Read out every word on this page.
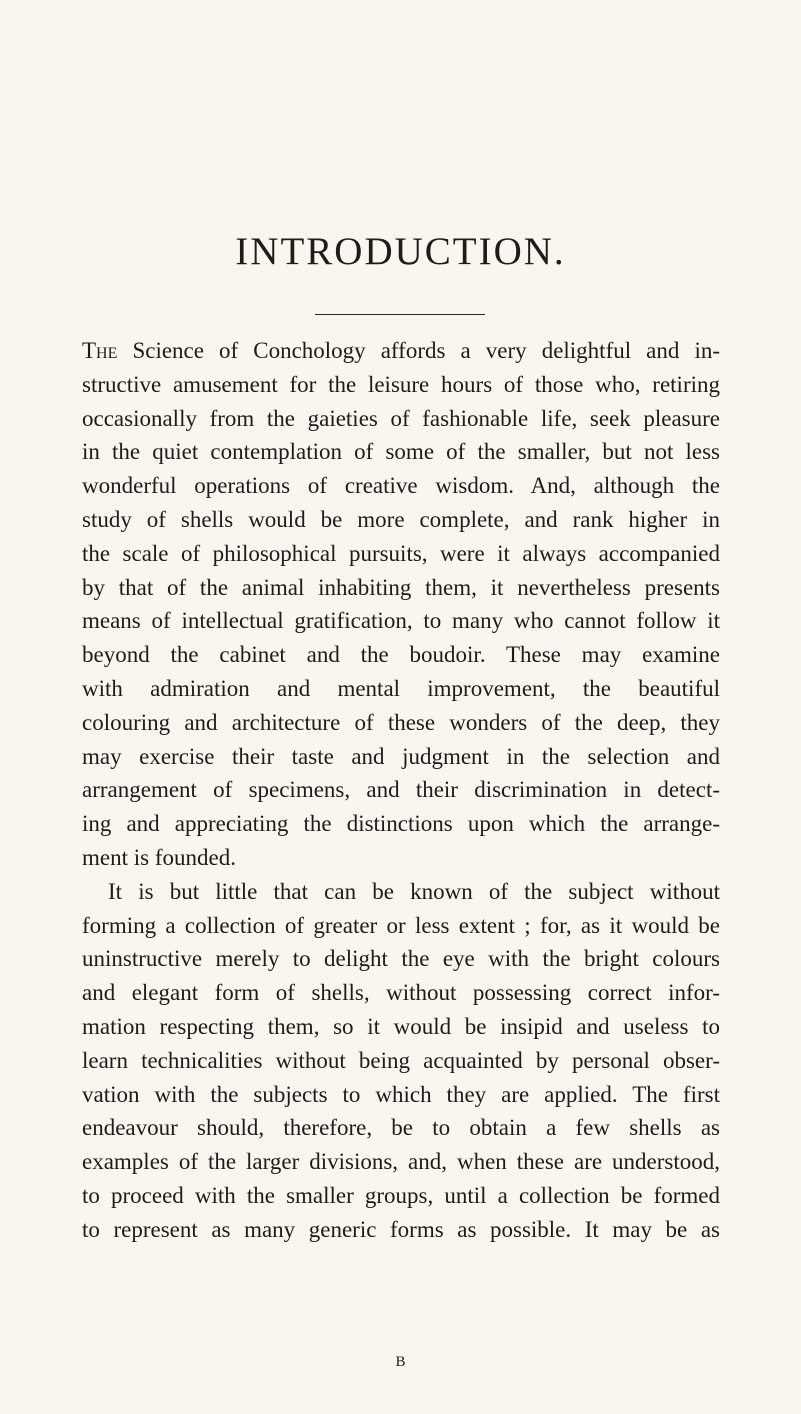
INTRODUCTION.
The Science of Conchology affords a very delightful and in-
structive amusement for the leisure hours of those who, retiring
occasionally from the gaieties of fashionable life, seek pleasure
in the quiet contemplation of some of the smaller, but not less
wonderful operations of creative wisdom. And, although the
study of shells would be more complete, and rank higher in
the scale of philosophical pursuits, were it always accompanied
by that of the animal inhabiting them, it nevertheless presents
means of intellectual gratification, to many who cannot follow it
beyond the cabinet and the boudoir. These may examine
with admiration and mental improvement, the beautiful
colouring and architecture of these wonders of the deep, they
may exercise their taste and judgment in the selection and
arrangement of specimens, and their discrimination in detect-
ing and appreciating the distinctions upon which the arrange-
ment is founded.
It is but little that can be known of the subject without
forming a collection of greater or less extent ; for, as it would be
uninstructive merely to delight the eye with the bright colours
and elegant form of shells, without possessing correct infor-
mation respecting them, so it would be insipid and useless to
learn technicalities without being acquainted by personal obser-
vation with the subjects to which they are applied. The first
endeavour should, therefore, be to obtain a few shells as
examples of the larger divisions, and, when these are understood,
to proceed with the smaller groups, until a collection be formed
to represent as many generic forms as possible. It may be as
B
